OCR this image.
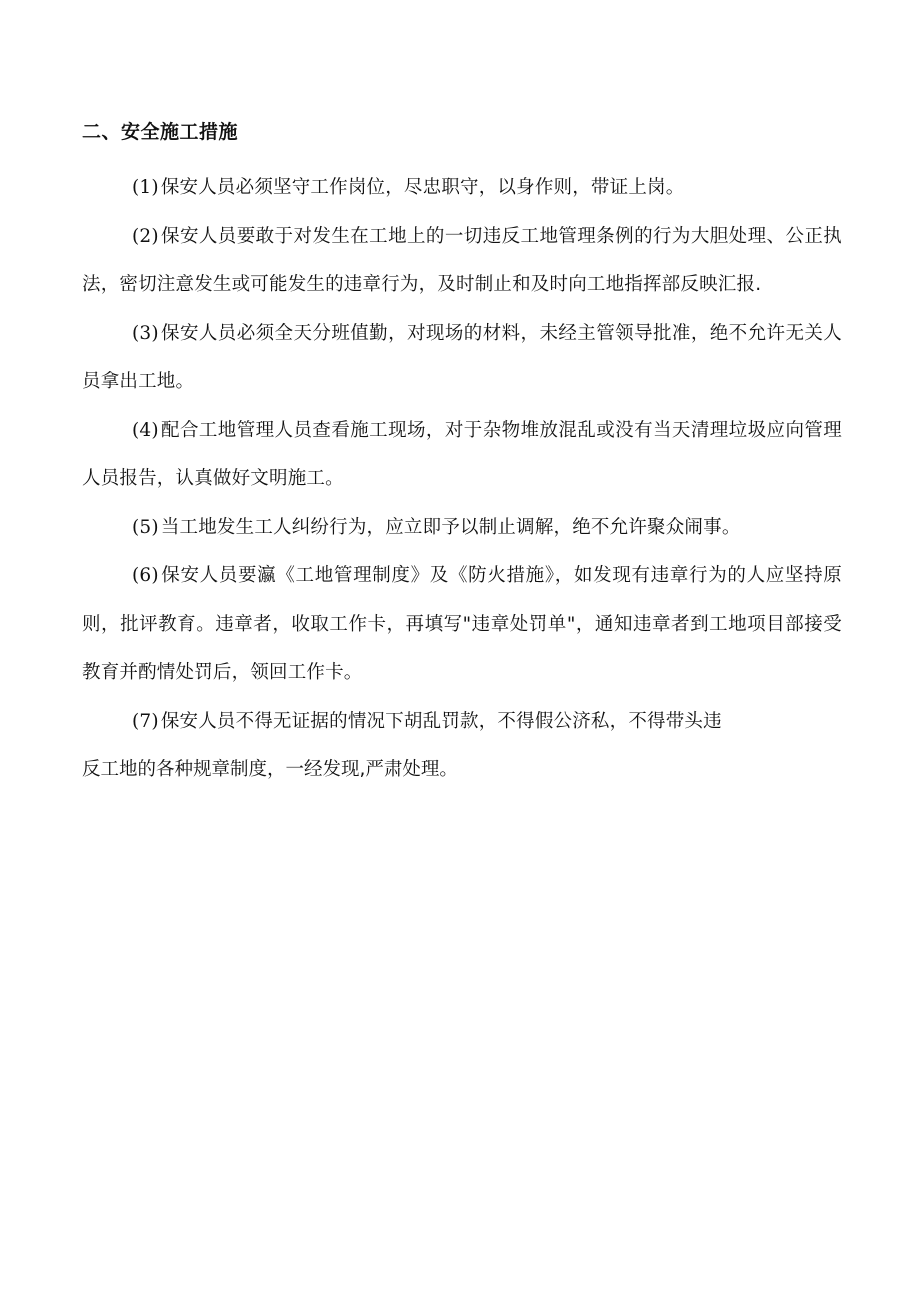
二、安全施工措施

(1) 保安人员必须坚守工作岗位，尽忠职守，以身作则，带证上岗。

(2) 保安人员要敢于对发生在工地上的一切违反工地管理条例的行为大胆处理、公正执法，密切注意发生或可能发生的违章行为，及时制止和及时向工地指挥部反映汇报.

(3) 保安人员必须全天分班值勤，对现场的材料，未经主管领导批准，绝不允许无关人员拿出工地。

(4) 配合工地管理人员查看施工现场，对于杂物堆放混乱或没有当天清理垃圾应向管理人员报告，认真做好文明施工。

(5) 当工地发生工人纠纷行为，应立即予以制止调解，绝不允许聚众闹事。

(6) 保安人员要瀛《工地管理制度》及《防火措施》，如发现有违章行为的人应坚持原则，批评教育。违章者，收取工作卡，再填写"违章处罚单"，通知违章者到工地项目部接受教育并酌情处罚后，领回工作卡。

(7) 保安人员不得无证据的情况下胡乱罚款，不得假公济私，不得带头违

反工地的各种规章制度，一经发现,严肃处理。
